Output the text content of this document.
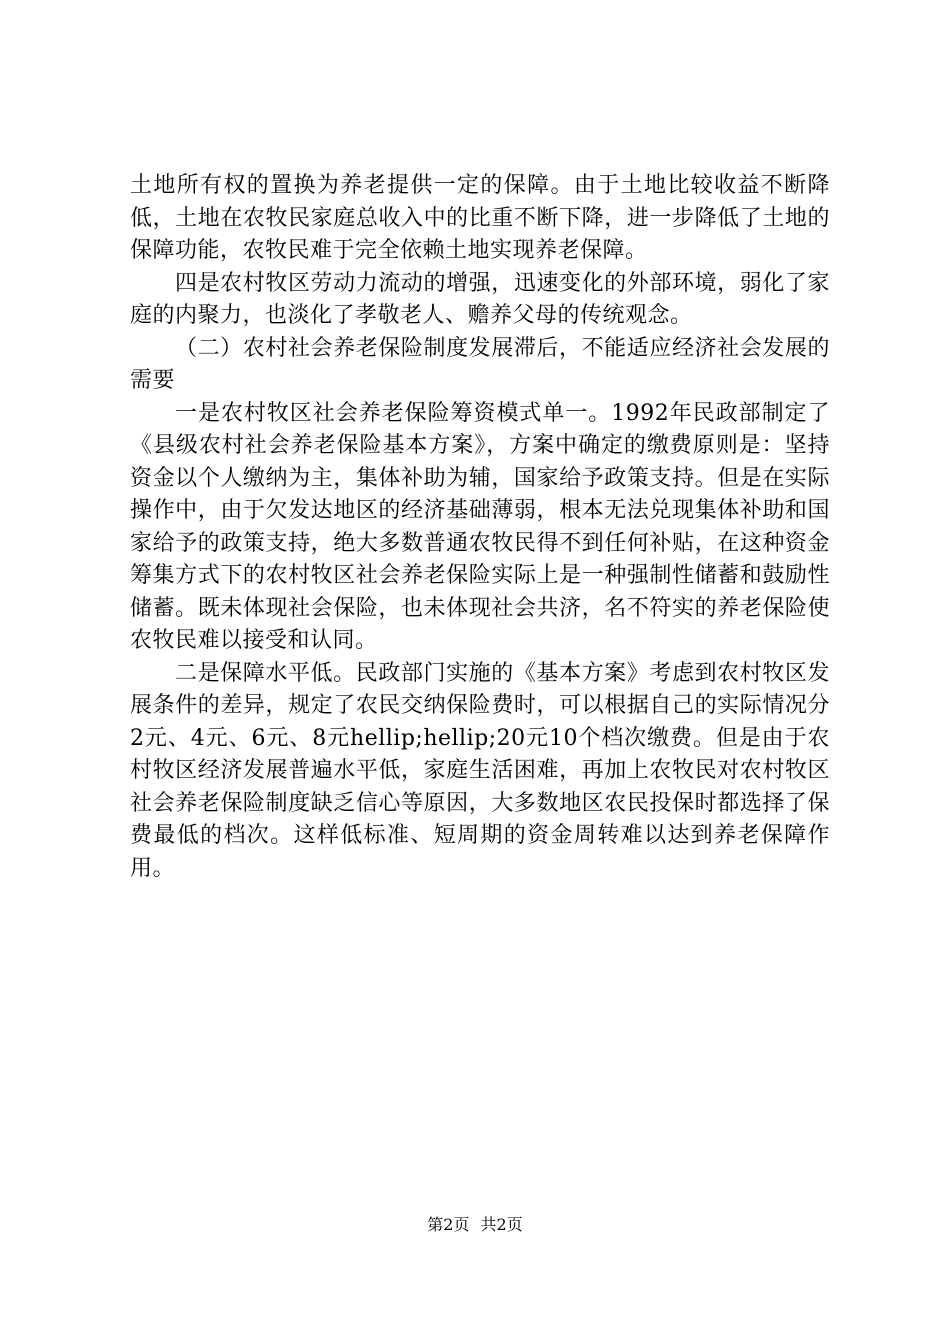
土地所有权的置换为养老提供一定的保障。由于土地比较收益不断降低，土地在农牧民家庭总收入中的比重不断下降，进一步降低了土地的保障功能，农牧民难于完全依赖土地实现养老保障。

四是农村牧区劳动力流动的增强，迅速变化的外部环境，弱化了家庭的内聚力，也淡化了孝敬老人、赡养父母的传统观念。

（二）农村社会养老保险制度发展滞后，不能适应经济社会发展的需要

一是农村牧区社会养老保险筹资模式单一。1992年民政部制定了《县级农村社会养老保险基本方案》，方案中确定的缴费原则是：坚持资金以个人缴纳为主，集体补助为辅，国家给予政策支持。但是在实际操作中，由于欠发达地区的经济基础薄弱，根本无法兑现集体补助和国家给予的政策支持，绝大多数普通农牧民得不到任何补贴，在这种资金筹集方式下的农村牧区社会养老保险实际上是一种强制性储蓄和鼓励性储蓄。既未体现社会保险，也未体现社会共济，名不符实的养老保险使农牧民难以接受和认同。

二是保障水平低。民政部门实施的《基本方案》考虑到农村牧区发展条件的差异，规定了农民交纳保险费时，可以根据自己的实际情况分2元、4元、6元、8元hellip;hellip;20元10个档次缴费。但是由于农村牧区经济发展普遍水平低，家庭生活困难，再加上农牧民对农村牧区社会养老保险制度缺乏信心等原因，大多数地区农民投保时都选择了保费最低的档次。这样低标准、短周期的资金周转难以达到养老保障作用。

第2页 共2页
